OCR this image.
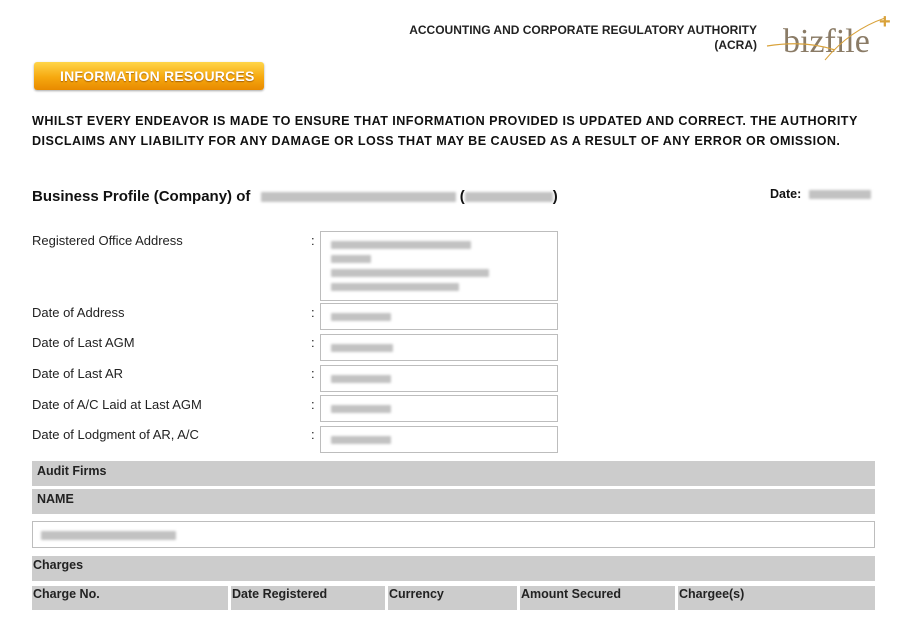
ACCOUNTING AND CORPORATE REGULATORY AUTHORITY
(ACRA) bizfile
+
INFORMATION RESOURCES
WHILST EVERY ENDEAVOR IS MADE TO ENSURE THAT INFORMATION PROVIDED IS UPDATED AND CORRECT. THE AUTHORITY DISCLAIMS ANY LIABILITY FOR ANY DAMAGE OR LOSS THAT MAY BE CAUSED AS A RESULT OF ANY ERROR OR OMISSION.
Business Profile (Company) of	(	)	Date:
Registered Office Address	:
Date of Address	:
Date of Last AGM	:
Date of Last AR	:
Date of A/C Laid at Last AGM	:
Date of Lodgment of AR, A/C	:
Audit Firms
NAME
Charges
Charge No.	Date Registered	Currency	Amount Secured	Chargee(s)
